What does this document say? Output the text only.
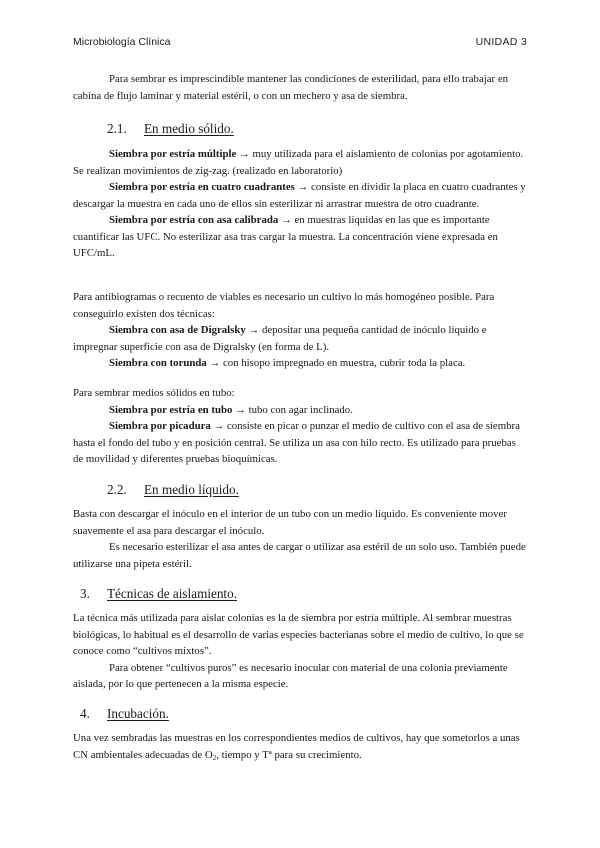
Microbiología Clínica	UNIDAD 3

Para sembrar es imprescindible mantener las condiciones de esterilidad, para ello trabajar en cabina de flujo laminar y material estéril, o con un mechero y asa de siembra.

2.1. En medio sólido.

Siembra por estría múltiple → muy utilizada para el aislamiento de colonias por agotamiento. Se realizan movimientos de zig-zag. (realizado en laboratorio)

Siembra por estría en cuatro cuadrantes → consiste en dividir la placa en cuatro cuadrantes y descargar la muestra en cada uno de ellos sin esterilizar ni arrastrar muestra de otro cuadrante.

Siembra por estría con asa calibrada → en muestras líquidas en las que es importante cuantificar las UFC. No esterilizar asa tras cargar la muestra. La concentración viene expresada en UFC/mL.

Para antibiogramas o recuento de viables es necesario un cultivo lo más homogéneo posible. Para conseguirlo existen dos técnicas:

Siembra con asa de Digralsky → depositar una pequeña cantidad de inóculo líquido e impregnar superficie con asa de Digralsky (en forma de L).

Siembra con torunda → con hisopo impregnado en muestra, cubrir toda la placa.

Para sembrar medios sólidos en tubo:

Siembra por estría en tubo → tubo con agar inclinado.

Siembra por picadura → consiste en picar o punzar el medio de cultivo con el asa de siembra hasta el fondo del tubo y en posición central. Se utiliza un asa con hilo recto. Es utilizado para pruebas de movilidad y diferentes pruebas bioquímicas.

2.2. En medio líquido.

Basta con descargar el inóculo en el interior de un tubo con un medio líquido. Es conveniente mover suavemente el asa para descargar el inóculo.

Es necesario esterilizar el asa antes de cargar o utilizar asa estéril de un solo uso. También puede utilizarse una pipeta estéril.

3. Técnicas de aislamiento.

La técnica más utilizada para aislar colonias es la de siembra por estría múltiple. Al sembrar muestras biológicas, lo habitual es el desarrollo de varias especies bacterianas sobre el medio de cultivo, lo que se conoce como “cultivos mixtos”.

Para obtener “cultivos puros” es necesario inocular con material de una colonia previamente aislada, por lo que pertenecen a la misma especie.

4. Incubación.

Una vez sembradas las muestras en los correspondientes medios de cultivos, hay que sometorlos a unas CN ambientales adecuadas de $O_2$, tiempo y Tª para su crecimiento.
